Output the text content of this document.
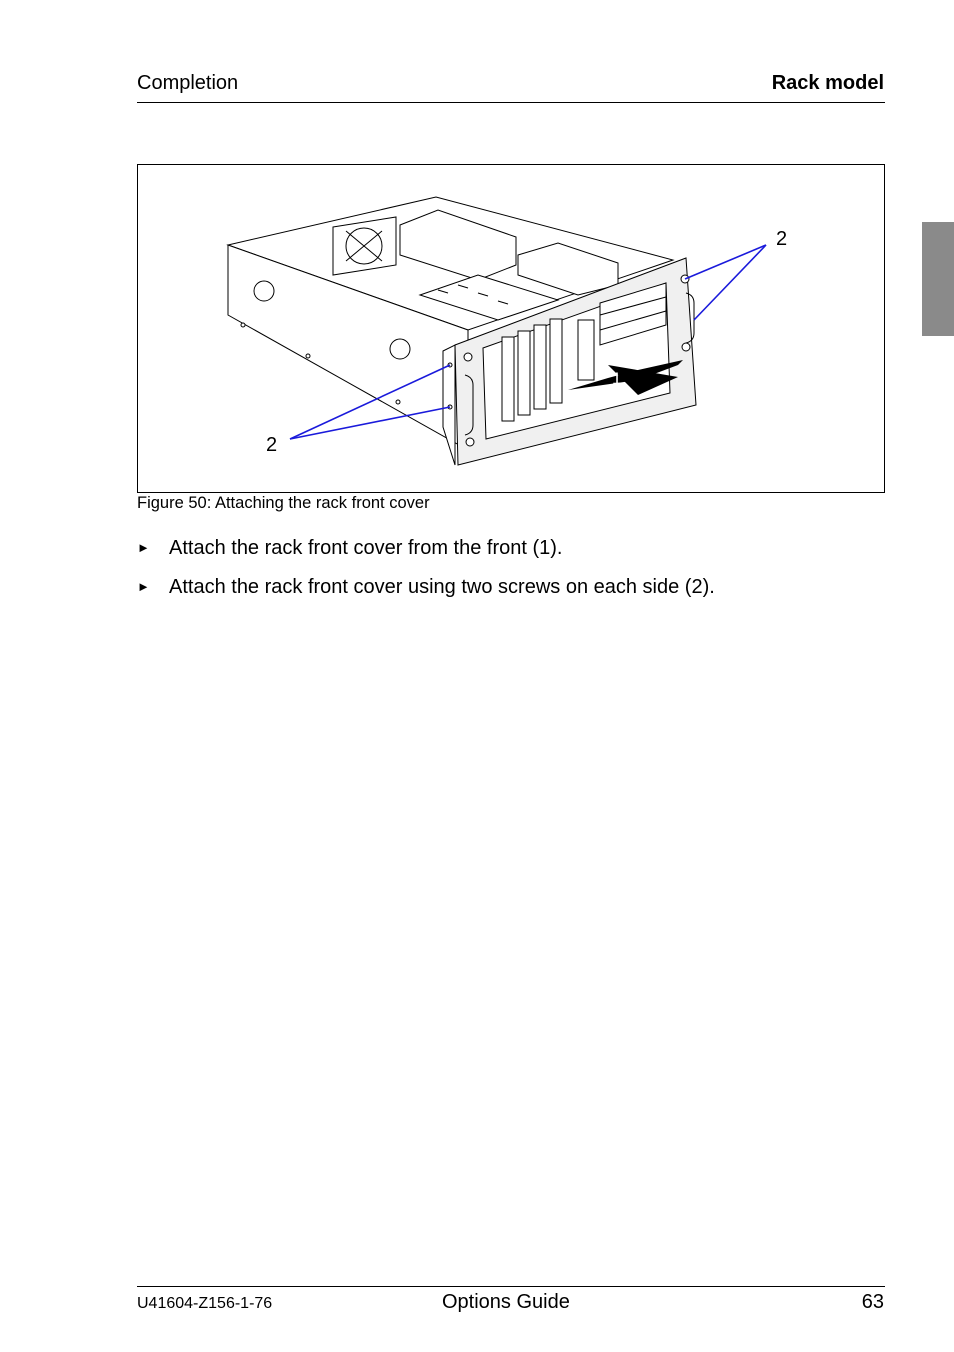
Completion	Rack model
1
2
2
Figure 50: Attaching the rack front cover
► Attach the rack front cover from the front (1).
► Attach the rack front cover using two screws on each side (2).
U41604-Z156-1-76	Options Guide	63
